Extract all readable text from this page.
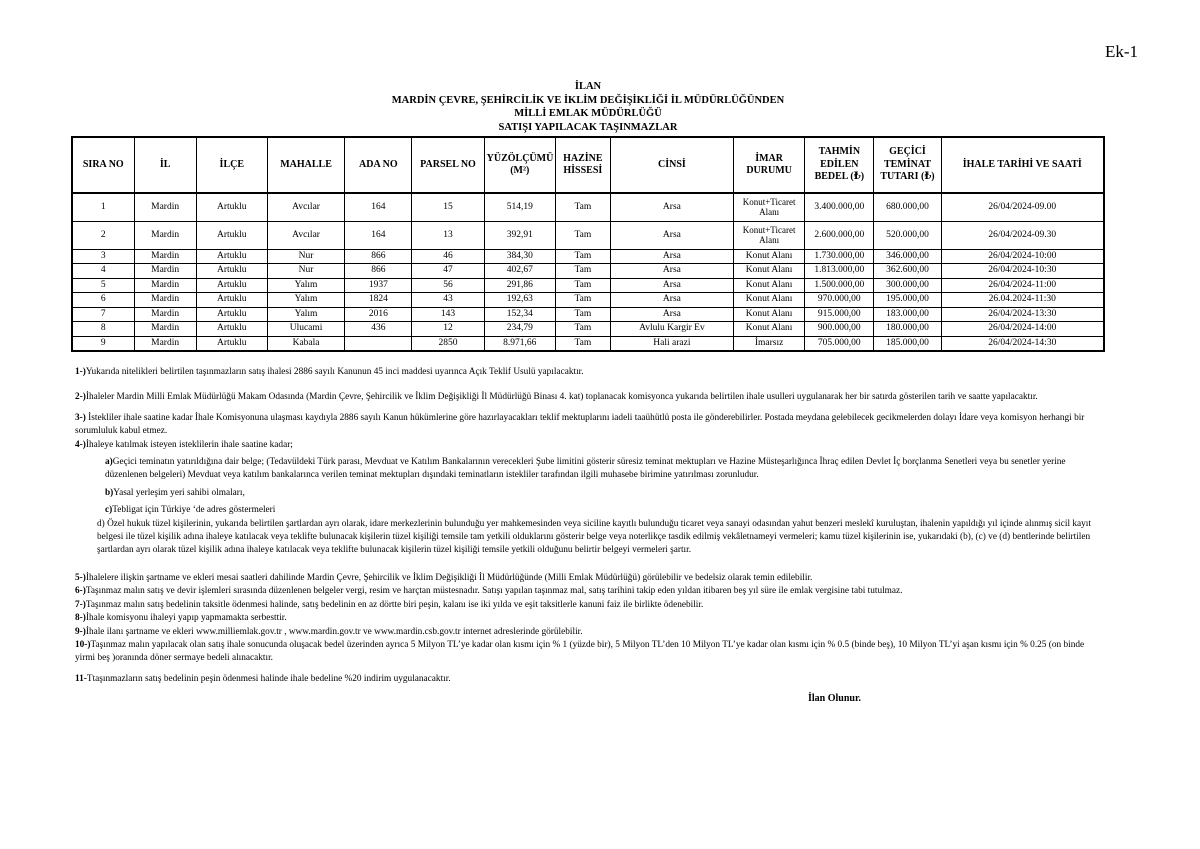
Ek-1
İLAN
MARDİN ÇEVRE, ŞEHİRCİLİK VE İKLİM DEĞİŞİKLİĞİ İL MÜDÜRLÜĞÜNDEN
MİLLİ EMLAK MÜDÜRLÜĞÜ
SATIŞI YAPILACAK TAŞINMAZLAR
SIRA NO	İL	İLÇE	MAHALLE	ADA NO	PARSEL NO	YÜZÖLÇÜMÜ (M²)	HAZİNE HİSSESİ	CİNSİ	İMAR DURUMU	TAHMİN EDİLEN BEDEL (₺)	GEÇİCİ TEMİNAT TUTARI (₺)	İHALE TARİHİ VE SAATİ
1	Mardin	Artuklu	Avcılar	164	15	514,19	Tam	Arsa	Konut+Ticaret Alanı	3.400.000,00	680.000,00	26/04/2024-09.00
2	Mardin	Artuklu	Avcılar	164	13	392,91	Tam	Arsa	Konut+Ticaret Alanı	2.600.000,00	520.000,00	26/04/2024-09.30
3	Mardin	Artuklu	Nur	866	46	384,30	Tam	Arsa	Konut Alanı	1.730.000,00	346.000,00	26/04/2024-10:00
4	Mardin	Artuklu	Nur	866	47	402,67	Tam	Arsa	Konut Alanı	1.813.000,00	362.600,00	26/04/2024-10:30
5	Mardin	Artuklu	Yalım	1937	56	291,86	Tam	Arsa	Konut Alanı	1.500.000,00	300.000,00	26/04/2024-11:00
6	Mardin	Artuklu	Yalım	1824	43	192,63	Tam	Arsa	Konut Alanı	970.000,00	195.000,00	26.04.2024-11:30
7	Mardin	Artuklu	Yalım	2016	143	152,34	Tam	Arsa	Konut Alanı	915.000,00	183.000,00	26/04/2024-13:30
8	Mardin	Artuklu	Ulucami	436	12	234,79	Tam	Avlulu Kargir Ev	Konut Alanı	900.000,00	180.000,00	26/04/2024-14:00
9	Mardin	Artuklu	Kabala		2850	8.971,66	Tam	Hali arazi	İmarsız	705.000,00	185.000,00	26/04/2024-14:30

1-)Yukarıda nitelikleri belirtilen taşınmazların satış ihalesi 2886 sayılı Kanunun 45 inci maddesi uyarınca Açık Teklif Usulü yapılacaktır.

2-)İhaleler Mardin Milli Emlak Müdürlüğü Makam Odasında (Mardin Çevre, Şehircilik ve İklim Değişikliği İl Müdürlüğü Binası 4. kat) toplanacak komisyonca yukarıda belirtilen ihale usulleri uygulanarak her bir satırda gösterilen tarih ve saatte yapılacaktır.

3-) İstekliler ihale saatine kadar İhale Komisyonuna ulaşması kaydıyla 2886 sayılı Kanun hükümlerine göre hazırlayacakları teklif mektuplarını iadeli taaühütlü posta ile gönderebilirler. Postada meydana gelebilecek gecikmelerden dolayı İdare veya komisyon herhangi bir sorumluluk kabul etmez.

4-)İhaleye katılmak isteyen isteklilerin ihale saatine kadar;

a)Geçici teminatın yatırıldığına dair belge; (Tedavüldeki Türk parası, Mevduat ve Katılım Bankalarının verecekleri Şube limitini gösterir süresiz teminat mektupları ve Hazine Müsteşarlığınca İhraç edilen Devlet İç borçlanma Senetleri veya bu senetler yerine düzenlenen belgeleri) Mevduat veya katılım bankalarınca verilen teminat mektupları dışındaki teminatların istekliler tarafından ilgili muhasebe birimine yatırılması zorunludur.

b)Yasal yerleşim yeri sahibi olmaları,

c)Tebligat için Türkiye ‘de adres göstermeleri

d) Özel hukuk tüzel kişilerinin, yukarıda belirtilen şartlardan ayrı olarak, idare merkezlerinin bulunduğu yer mahkemesinden veya siciline kayıtlı bulunduğu ticaret veya sanayi odasından yahut benzeri meslekî kuruluştan, ihalenin yapıldığı yıl içinde alınmış sicil kayıt belgesi ile tüzel kişilik adına ihaleye katılacak veya teklifte bulunacak kişilerin tüzel kişiliği temsile tam yetkili olduklarını gösterir belge veya noterlikçe tasdik edilmiş vekâletnameyi vermeleri; kamu tüzel kişilerinin ise, yukarıdaki (b), (c) ve (d) bentlerinde belirtilen şartlardan ayrı olarak tüzel kişilik adına ihaleye katılacak veya teklifte bulunacak kişilerin tüzel kişiliği temsile yetkili olduğunu belirtir belgeyi vermeleri şartır.

5-)İhalelere ilişkin şartname ve ekleri mesai saatleri dahilinde Mardin Çevre, Şehircilik ve İklim Değişikliği İl Müdürlüğünde (Milli Emlak Müdürlüğü) görülebilir ve bedelsiz olarak temin edilebilir.

6-)Taşınmaz malın satış ve devir işlemleri sırasında düzenlenen belgeler vergi, resim ve harçtan müstesnadır. Satışı yapılan taşınmaz mal, satış tarihini takip eden yıldan itibaren beş yıl süre ile emlak vergisine tabi tutulmaz.

7-)Taşınmaz malın satış bedelinin taksitle ödenmesi halinde, satış bedelinin en az dörtte biri peşin, kalanı ise iki yılda ve eşit taksitlerle kanuni faiz ile birlikte ödenebilir.

8-)İhale komisyonu ihaleyi yapıp yapmamakta serbesttir.

9-)İhale ilanı şartname ve ekleri www.milliemlak.gov.tr , www.mardin.gov.tr ve www.mardin.csb.gov.tr internet adreslerinde görülebilir.

10-)Taşınmaz malın yapılacak olan satış ihale sonucunda oluşacak bedel üzerinden ayrıca 5 Milyon TL’ye kadar olan kısmı için % 1 (yüzde bir), 5 Milyon TL’den 10 Milyon TL’ye kadar olan kısmı için % 0.5 (binde beş), 10 Milyon TL’yi aşan kısmı için % 0.25 (on binde yirmi beş )oranında döner sermaye bedeli alınacaktır.

11-Ttaşınmazların satış bedelinin peşin ödenmesi halinde ihale bedeline %20 indirim uygulanacaktır.

İlan Olunur.
